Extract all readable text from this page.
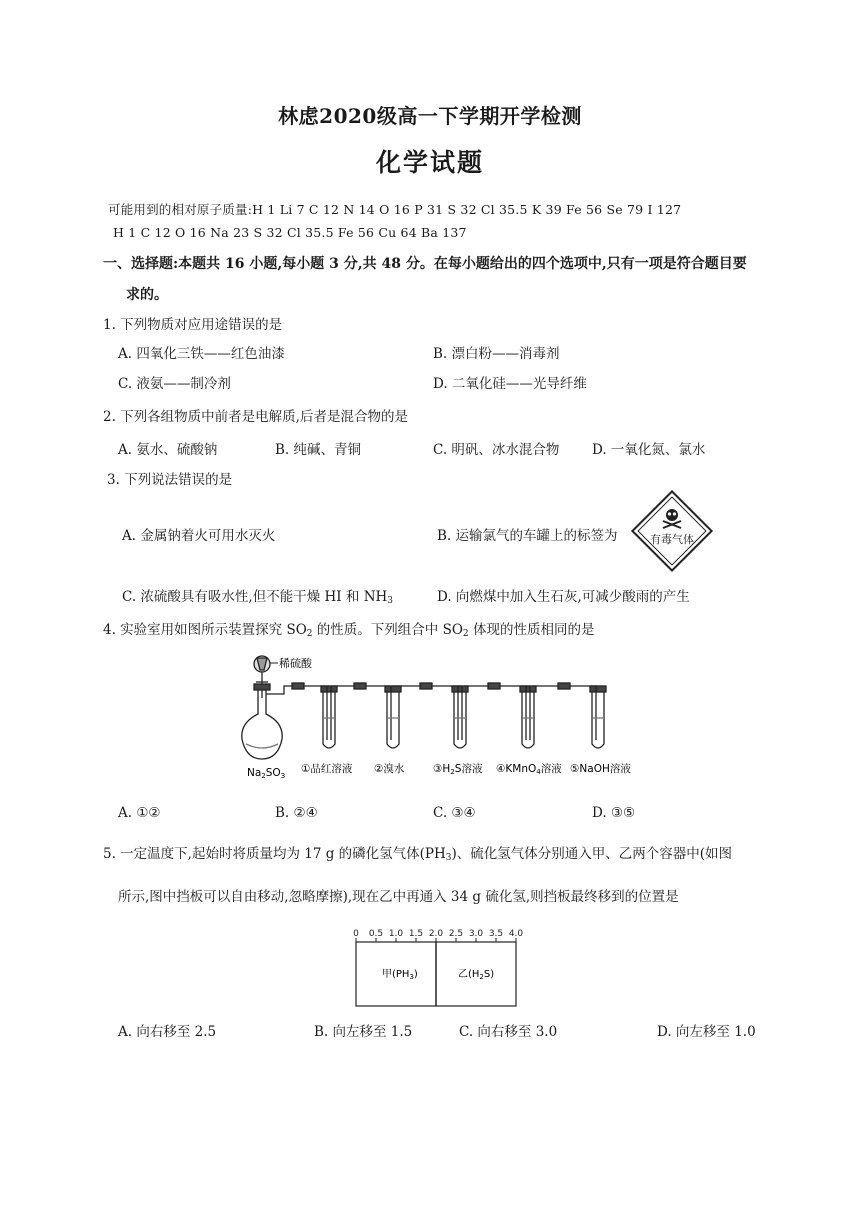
林虑2020级高一下学期开学检测
化学试题
可能用到的相对原子质量:H 1 Li 7 C 12 N 14 O 16 P 31 S 32 Cl 35.5 K 39 Fe 56 Se 79 I 127
H 1 C 12 O 16 Na 23 S 32 Cl 35.5 Fe 56 Cu 64 Ba 137
一、选择题:本题共 16 小题,每小题 3 分,共 48 分。在每小题给出的四个选项中,只有一项是符合题目要
求的。
1. 下列物质对应用途错误的是
A. 四氧化三铁——红色油漆	B. 漂白粉——消毒剂
C. 液氨——制冷剂	D. 二氧化硅——光导纤维
2. 下列各组物质中前者是电解质,后者是混合物的是
A. 氨水、硫酸钠	B. 纯碱、青铜	C. 明矾、冰水混合物 D. 一氧化氮、氯水
3. 下列说法错误的是
A. 金属钠着火可用水灭火	B. 运输氯气的车罐上的标签为	有毒气体
C. 浓硫酸具有吸水性,但不能干燥 HI 和 $NH_3$	D. 向燃煤中加入生石灰,可减少酸雨的产生
4. 实验室用如图所示装置探究 $SO_2$ 的性质。下列组合中 $SO_2$ 体现的性质相同的是
稀硫酸
Na2SO3
①品红溶液 ②溴水	③H2S溶液 ④KMnO4溶液 ⑤NaOH溶液
A. ①②	B. ②④	C. ③④	D. ③⑤
5. 一定温度下,起始时将质量均为 17 g 的磷化氢气体$(PH_3)$、硫化氢气体分别通入甲、乙两个容器中(如图
所示,图中挡板可以自由移动,忽略摩擦),现在乙中再通入 34 g 硫化氢,则挡板最终移到的位置是
0 0.5 1.0 1.5 2.0 2.5 3.0 3.5 4.0
甲$(PH_3)$	乙$(H_2S)$
A. 向右移至 2.5	B. 向左移至 1.5	C. 向右移至 3.0	D. 向左移至 1.0
